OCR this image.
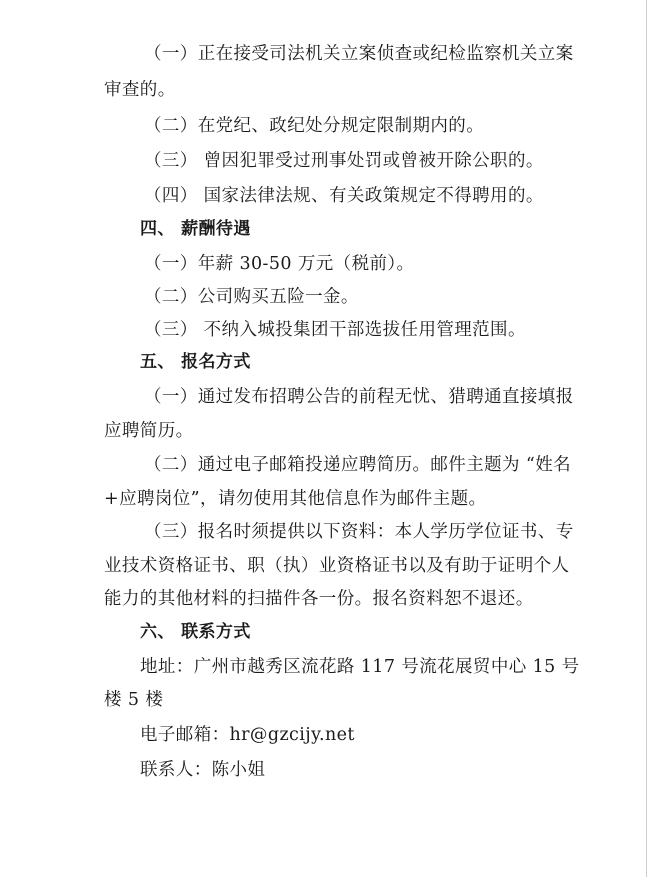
（一）正在接受司法机关立案侦查或纪检监察机关立案
审查的。
（二）在党纪、政纪处分规定限制期内的。
（三） 曾因犯罪受过刑事处罚或曾被开除公职的。
（四） 国家法律法规、有关政策规定不得聘用的。
四、 薪酬待遇
（一）年薪 30-50 万元（税前）。
（二）公司购买五险一金。
（三） 不纳入城投集团干部选拔任用管理范围。
五、 报名方式
（一）通过发布招聘公告的前程无忧、猎聘通直接填报
应聘简历。
（二）通过电子邮箱投递应聘简历。邮件主题为 “姓名
+应聘岗位”，请勿使用其他信息作为邮件主题。
（三）报名时须提供以下资料：本人学历学位证书、专
业技术资格证书、职（执）业资格证书以及有助于证明个人
能力的其他材料的扫描件各一份。报名资料恕不退还。
六、 联系方式
地址：广州市越秀区流花路 117 号流花展贸中心 15 号
楼 5 楼
电子邮箱：hr@gzcijy.net
联系人：陈小姐
